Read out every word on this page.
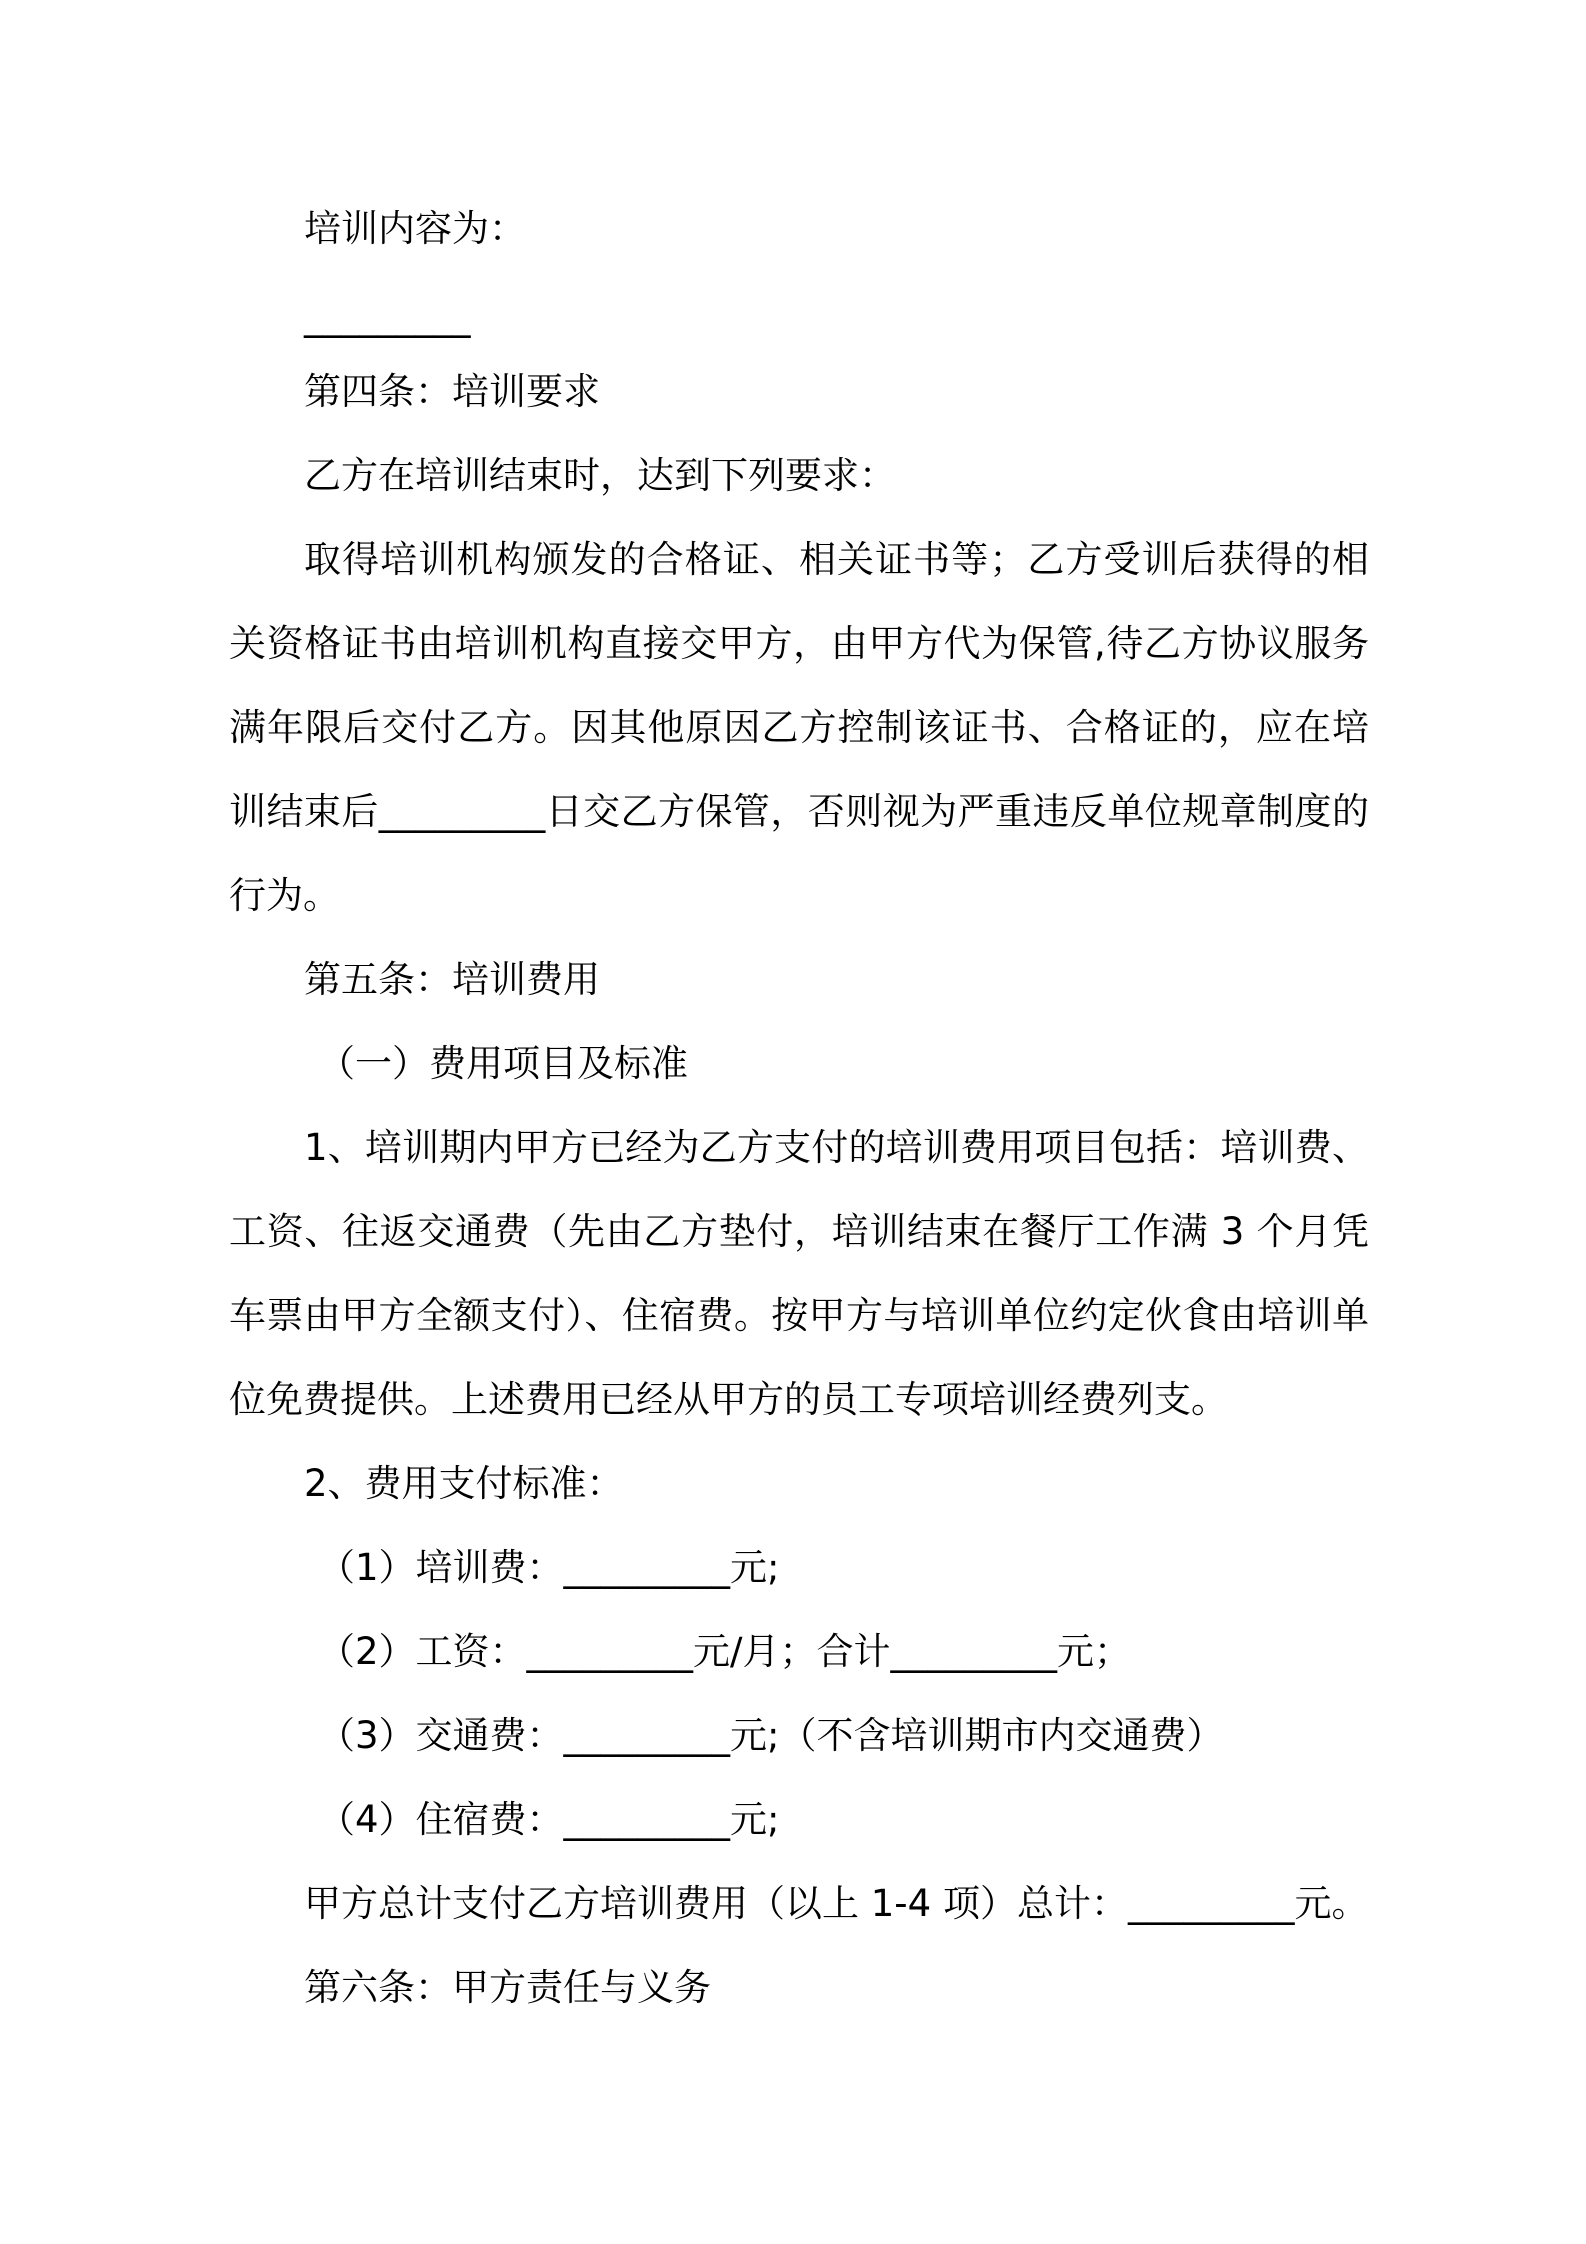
培训内容为：
_________
第四条：培训要求
乙方在培训结束时，达到下列要求：
取得培训机构颁发的合格证、相关证书等；乙方受训后获得的相
关资格证书由培训机构直接交甲方，由甲方代为保管,待乙方协议服务
满年限后交付乙方。因其他原因乙方控制该证书、合格证的，应在培
训结束后_________日交乙方保管，否则视为严重违反单位规章制度的
行为。
第五条：培训费用
（一）费用项目及标准
1、培训期内甲方已经为乙方支付的培训费用项目包括：培训费、
工资、往返交通费（先由乙方垫付，培训结束在餐厅工作满 3 个月凭
车票由甲方全额支付）、住宿费。按甲方与培训单位约定伙食由培训单
位免费提供。上述费用已经从甲方的员工专项培训经费列支。
2、费用支付标准：
（1）培训费：_________元;
（2）工资：_________元/月；合计_________元；
（3）交通费：_________元;（不含培训期市内交通费）
（4）住宿费：_________元;
甲方总计支付乙方培训费用（以上 1-4 项）总计：_________元。
第六条：甲方责任与义务
